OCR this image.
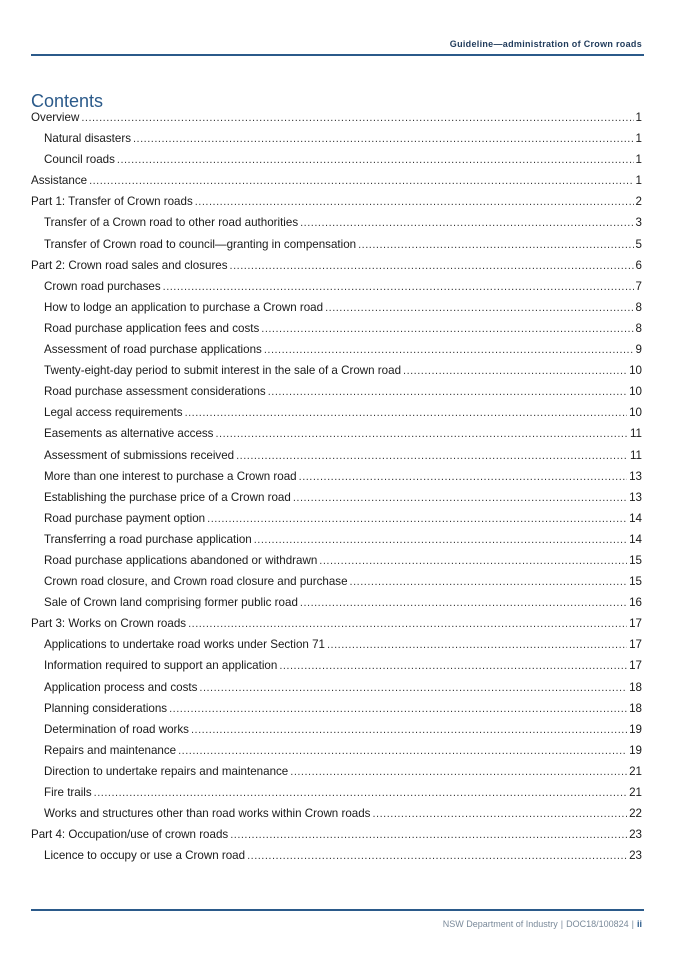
Guideline—administration of Crown roads
Contents
Overview .....	1
Natural disasters .....	1
Council roads .....	1
Assistance .....	1
Part 1: Transfer of Crown roads .....	2
Transfer of a Crown road to other road authorities .....	3
Transfer of Crown road to council—granting in compensation .....	5
Part 2: Crown road sales and closures .....	6
Crown road purchases .....	7
How to lodge an application to purchase a Crown road .....	8
Road purchase application fees and costs .....	8
Assessment of road purchase applications .....	9
Twenty-eight-day period to submit interest in the sale of a Crown road .....	10
Road purchase assessment considerations .....	10
Legal access requirements .....	10
Easements as alternative access .....	11
Assessment of submissions received .....	11
More than one interest to purchase a Crown road .....	13
Establishing the purchase price of a Crown road .....	13
Road purchase payment option .....	14
Transferring a road purchase application .....	14
Road purchase applications abandoned or withdrawn .....	15
Crown road closure, and Crown road closure and purchase .....	15
Sale of Crown land comprising former public road .....	16
Part 3: Works on Crown roads .....	17
Applications to undertake road works under Section 71 .....	17
Information required to support an application .....	17
Application process and costs .....	18
Planning considerations .....	18
Determination of road works .....	19
Repairs and maintenance .....	19
Direction to undertake repairs and maintenance .....	21
Fire trails .....	21
Works and structures other than road works within Crown roads .....	22
Part 4: Occupation/use of crown roads .....	23
Licence to occupy or use a Crown road .....	23
NSW Department of Industry | DOC18/100824 | ii
